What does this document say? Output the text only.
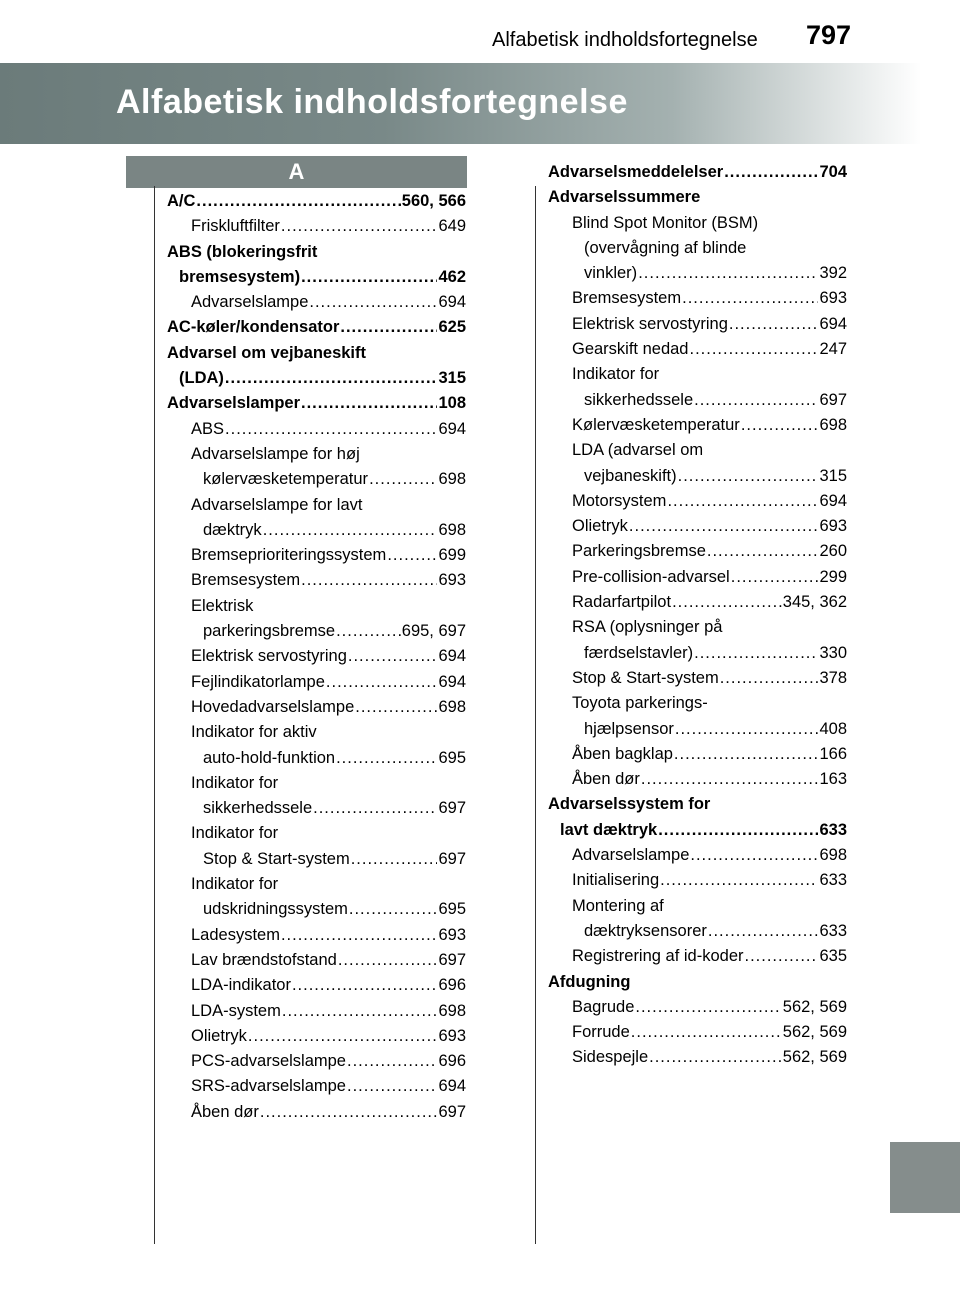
Alfabetisk indholdsfortegnelse 797
Alfabetisk indholdsfortegnelse
A
A/C .....	560, 566
Friskluftfilter .....	649
ABS (blokeringsfrit
bremsesystem) .....	462
Advarselslampe .....	694
AC-køler/kondensator .....	625
Advarsel om vejbaneskift
(LDA) .....	315
Advarselslamper .....	108
ABS .....	694
Advarselslampe for høj
kølervæsketemperatur .....	698
Advarselslampe for lavt
dæktryk .....	698
Bremseprioriteringssystem .....	699
Bremsesystem .....	693
Elektrisk
parkeringsbremse .....	695, 697
Elektrisk servostyring .....	694
Fejlindikatorlampe .....	694
Hovedadvarselslampe .....	698
Indikator for aktiv
auto-hold-funktion .....	695
Indikator for
sikkerhedssele .....	697
Indikator for
Stop & Start-system .....	697
Indikator for
udskridningssystem .....	695
Ladesystem .....	693
Lav brændstofstand .....	697
LDA-indikator .....	696
LDA-system .....	698
Olietryk .....	693
PCS-advarselslampe .....	696
SRS-advarselslampe .....	694
Åben dør .....	697
Advarselsmeddelelser .....	704
Advarselssummere
Blind Spot Monitor (BSM)
(overvågning af blinde
vinkler) .....	392
Bremsesystem .....	693
Elektrisk servostyring .....	694
Gearskift nedad .....	247
Indikator for
sikkerhedssele .....	697
Kølervæsketemperatur .....	698
LDA (advarsel om
vejbaneskift) .....	315
Motorsystem .....	694
Olietryk .....	693
Parkeringsbremse .....	260
Pre-collision-advarsel .....	299
Radarfartpilot .....	345, 362
RSA (oplysninger på
færdselstavler) .....	330
Stop & Start-system .....	378
Toyota parkerings-
hjælpsensor .....	408
Åben bagklap .....	166
Åben dør .....	163
Advarselssystem for
lavt dæktryk .....	633
Advarselslampe .....	698
Initialisering .....	633
Montering af
dæktryksensorer .....	633
Registrering af id-koder .....	635
Afdugning
Bagrude .....	562, 569
Forrude .....	562, 569
Sidespejle .....	562, 569
